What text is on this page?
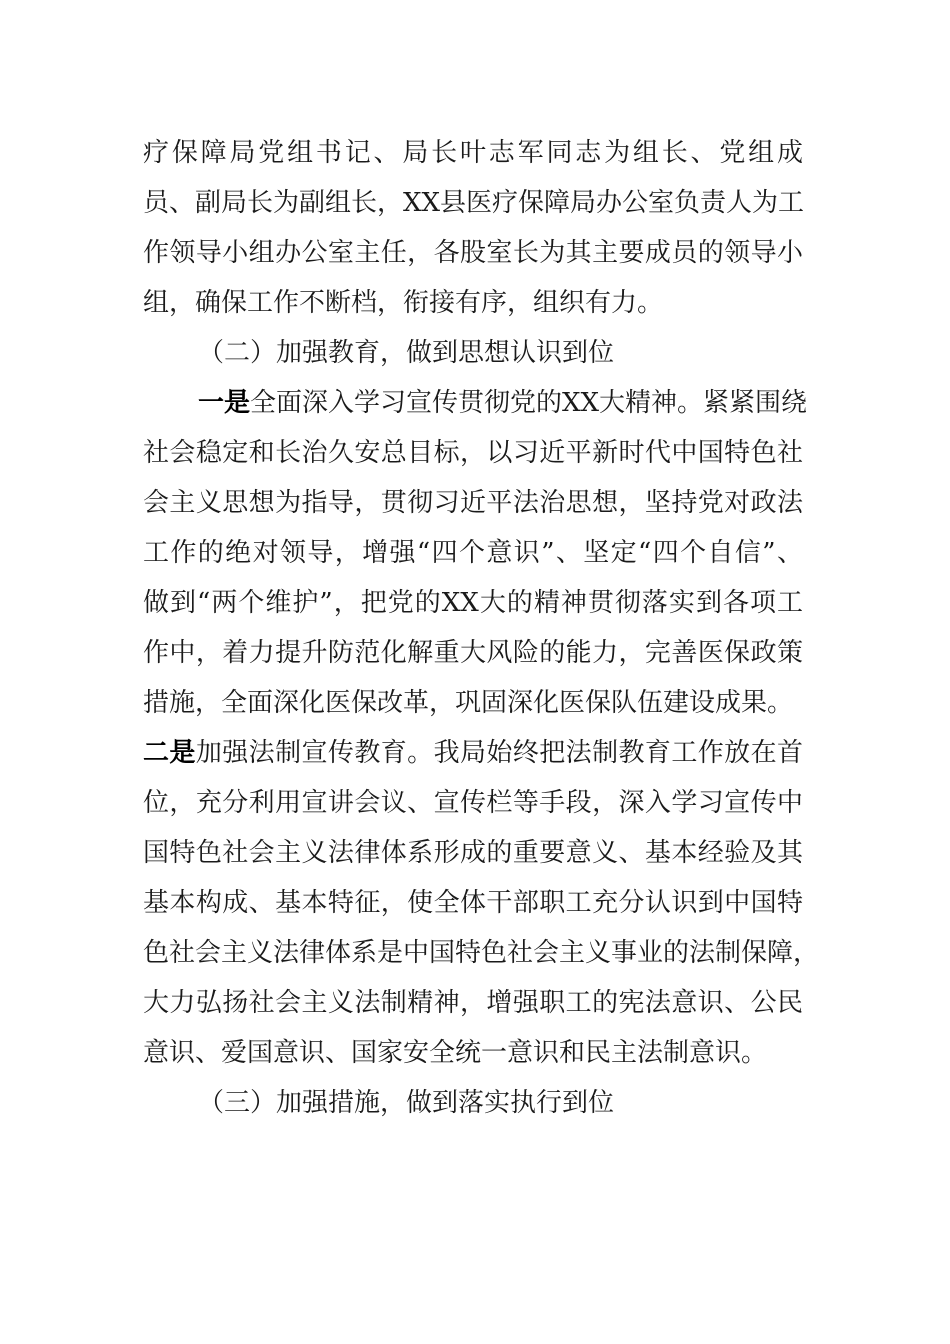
疗保障局党组书记、局长叶志军同志为组长、党组成
员、副局长为副组长，XX县医疗保障局办公室负责人为工
作领导小组办公室主任，各股室长为其主要成员的领导小
组，确保工作不断档，衔接有序，组织有力。
（二）加强教育，做到思想认识到位
一是全面深入学习宣传贯彻党的XX大精神。紧紧围绕
社会稳定和长治久安总目标，以习近平新时代中国特色社
会主义思想为指导，贯彻习近平法治思想，坚持党对政法
工作的绝对领导，增强“四个意识”、坚定“四个自信”、
做到“两个维护”，把党的XX大的精神贯彻落实到各项工
作中，着力提升防范化解重大风险的能力，完善医保政策
措施，全面深化医保改革，巩固深化医保队伍建设成果。
二是加强法制宣传教育。我局始终把法制教育工作放在首
位，充分利用宣讲会议、宣传栏等手段，深入学习宣传中
国特色社会主义法律体系形成的重要意义、基本经验及其
基本构成、基本特征，使全体干部职工充分认识到中国特
色社会主义法律体系是中国特色社会主义事业的法制保障，
大力弘扬社会主义法制精神，增强职工的宪法意识、公民
意识、爱国意识、国家安全统一意识和民主法制意识。
（三）加强措施，做到落实执行到位
